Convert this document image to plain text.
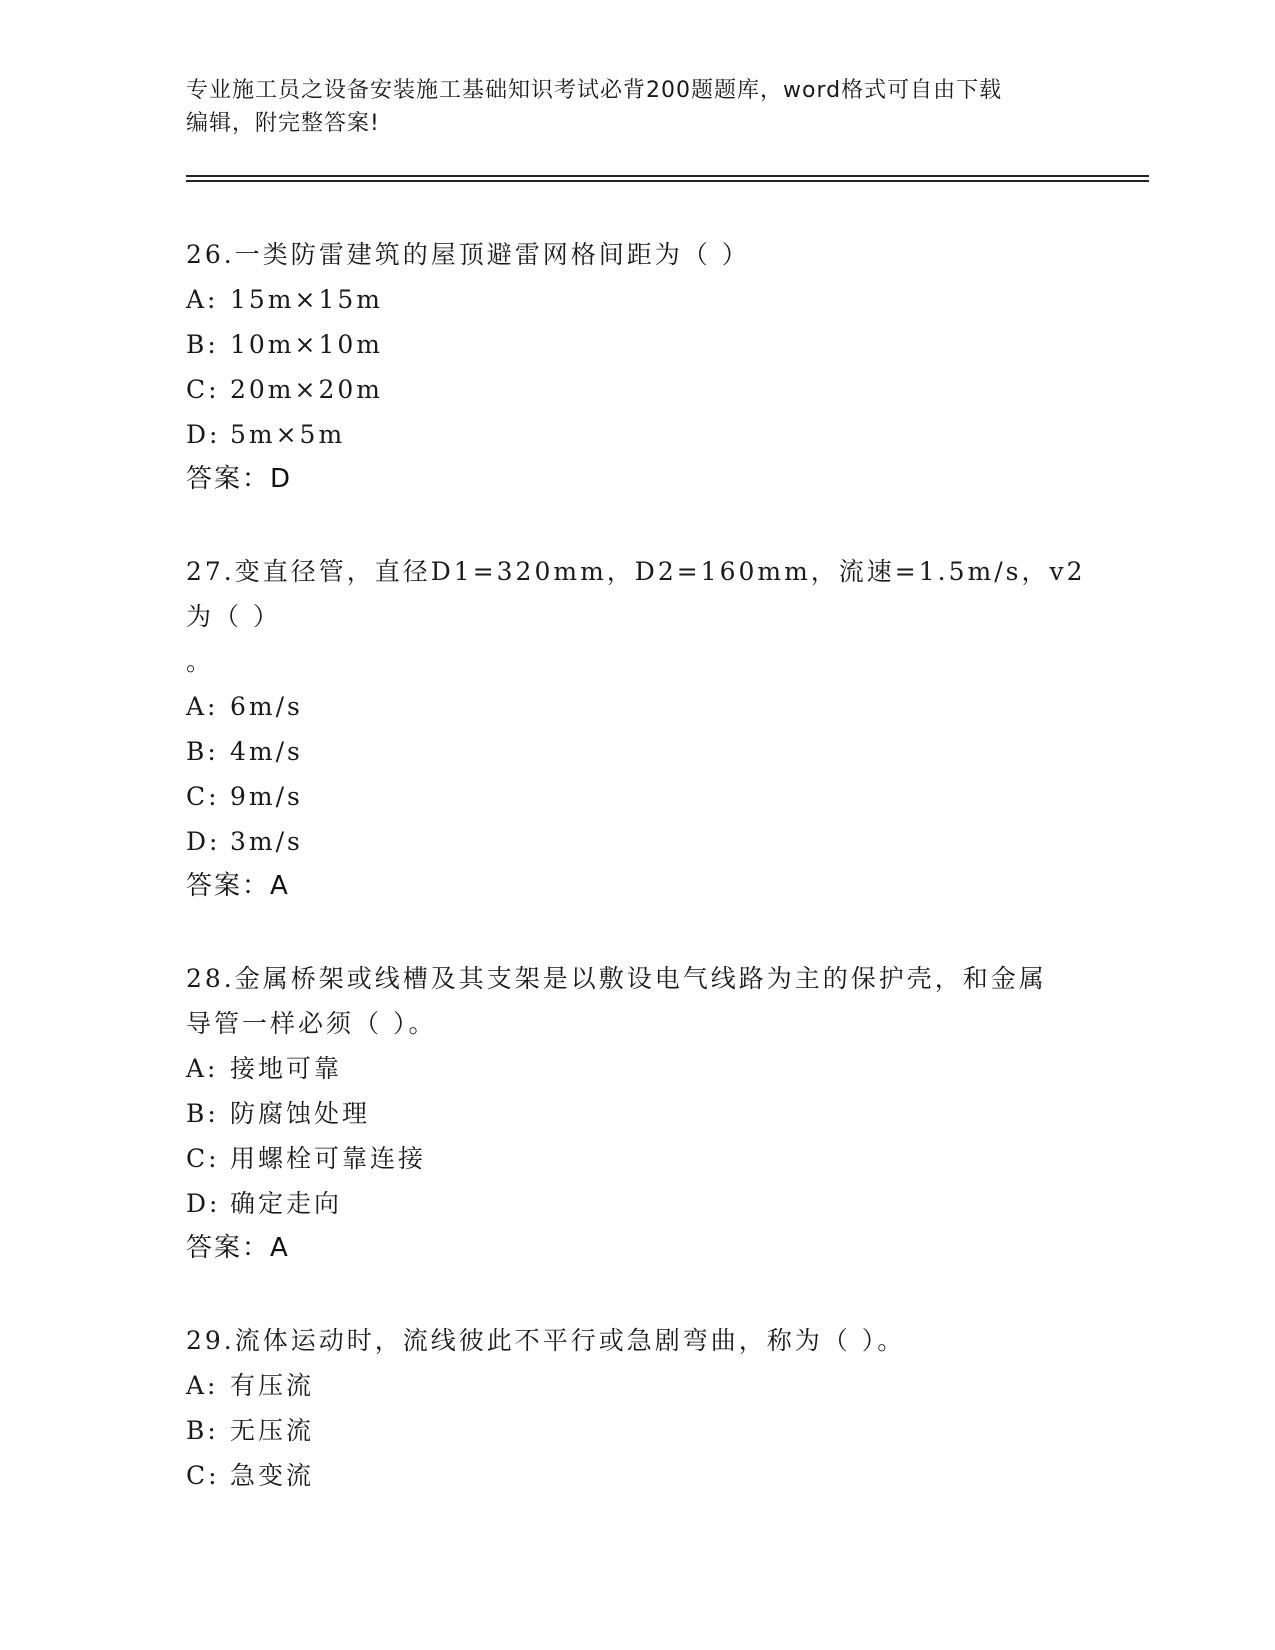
专业施工员之设备安装施工基础知识考试必背200题题库，word格式可自由下载
编辑，附完整答案!
26.一类防雷建筑的屋顶避雷网格间距为（ ）
A: 15m×15m
B: 10m×10m
C: 20m×20m
D: 5m×5m
答案：D
27.变直径管，直径D1=320mm，D2=160mm，流速=1.5m/s，v2为（ ）
。
A: 6m/s
B: 4m/s
C: 9m/s
D: 3m/s
答案：A
28.金属桥架或线槽及其支架是以敷设电气线路为主的保护壳，和金属
导管一样必须（ ）。
A: 接地可靠
B: 防腐蚀处理
C: 用螺栓可靠连接
D: 确定走向
答案：A
29.流体运动时，流线彼此不平行或急剧弯曲，称为（ ）。
A: 有压流
B: 无压流
C: 急变流
